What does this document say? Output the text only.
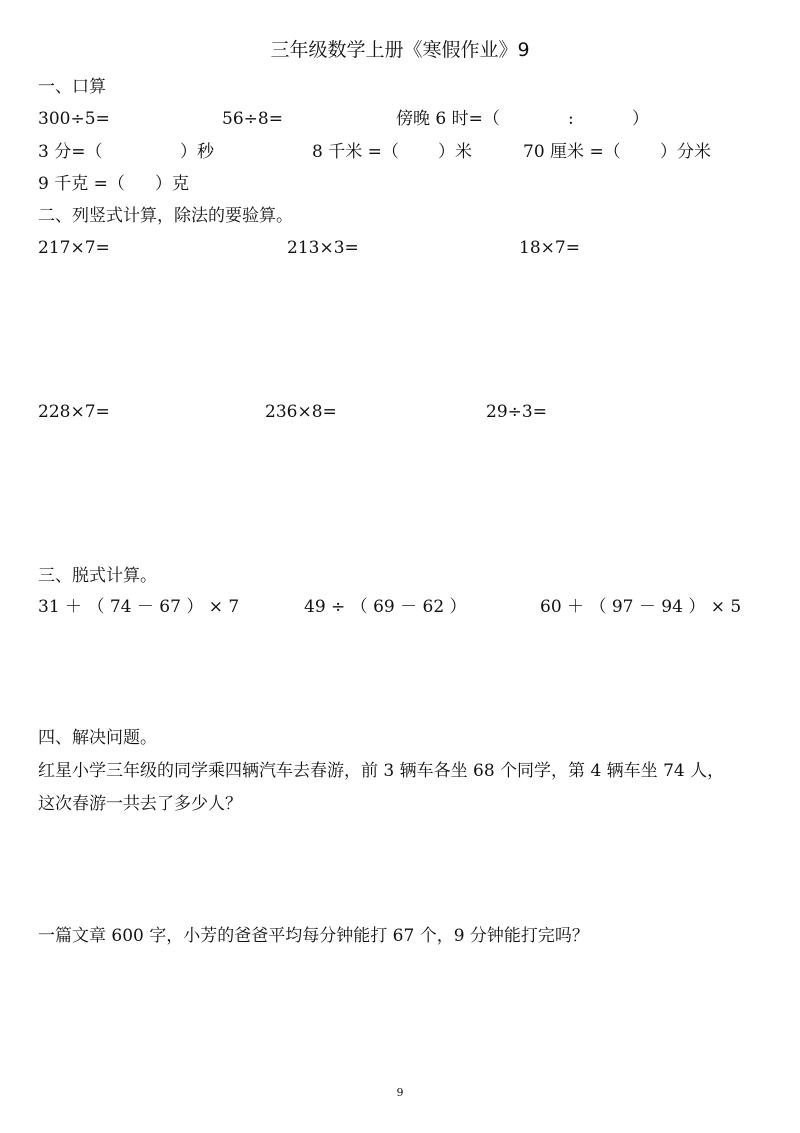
三年级数学上册《寒假作业》9
一、口算
300÷5=	56÷8=	傍晚 6 时=（	:	）
3 分=（	）秒	8 千米 =（ ）米	70 厘米 =（ ）分米
9 千克 =（ ）克
二、列竖式计算，除法的要验算。
217×7=	213×3=	18×7=
228×7=	236×8=	29÷3=
三、脱式计算。
31 ＋ （ 74 － 67 ） × 7	49 ÷ （ 69 － 62 ）	60 ＋ （ 97 － 94 ） × 5
四、解决问题。
红星小学三年级的同学乘四辆汽车去春游，前 3 辆车各坐 68 个同学，第 4 辆车坐 74 人，
这次春游一共去了多少人？
一篇文章 600 字，小芳的爸爸平均每分钟能打 67 个，9 分钟能打完吗？
9
